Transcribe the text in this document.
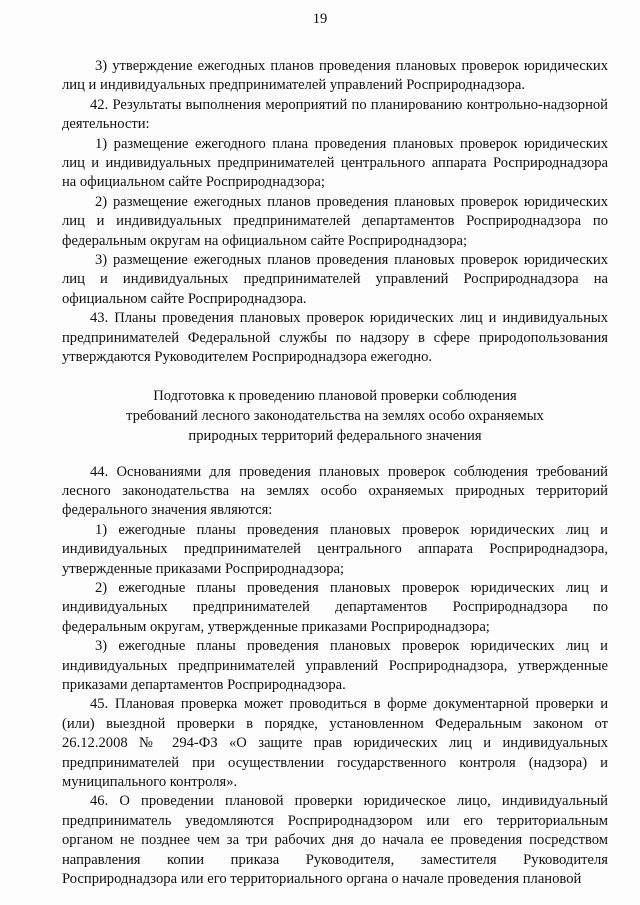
19

3) утверждение ежегодных планов проведения плановых проверок юридических лиц и индивидуальных предпринимателей управлений Росприроднадзора.

42. Результаты выполнения мероприятий по планированию контрольно-надзорной деятельности:

1) размещение ежегодного плана проведения плановых проверок юридических лиц и индивидуальных предпринимателей центрального аппарата Росприроднадзора на официальном сайте Росприроднадзора;

2) размещение ежегодных планов проведения плановых проверок юридических лиц и индивидуальных предпринимателей департаментов Росприроднадзора по федеральным округам на официальном сайте Росприроднадзора;

3) размещение ежегодных планов проведения плановых проверок юридических лиц и индивидуальных предпринимателей управлений Росприроднадзора на официальном сайте Росприроднадзора.

43. Планы проведения плановых проверок юридических лиц и индивидуальных предпринимателей Федеральной службы по надзору в сфере природопользования утверждаются Руководителем Росприроднадзора ежегодно.

Подготовка к проведению плановой проверки соблюдения
требований лесного законодательства на землях особо охраняемых
природных территорий федерального значения

44. Основаниями для проведения плановых проверок соблюдения требований лесного законодательства на землях особо охраняемых природных территорий федерального значения являются:

1) ежегодные планы проведения плановых проверок юридических лиц и индивидуальных предпринимателей центрального аппарата Росприроднадзора, утвержденные приказами Росприроднадзора;

2) ежегодные планы проведения плановых проверок юридических лиц и индивидуальных предпринимателей департаментов Росприроднадзора по федеральным округам, утвержденные приказами Росприроднадзора;

3) ежегодные планы проведения плановых проверок юридических лиц и индивидуальных предпринимателей управлений Росприроднадзора, утвержденные приказами департаментов Росприроднадзора.

45. Плановая проверка может проводиться в форме документарной проверки и (или) выездной проверки в порядке, установленном Федеральным законом от 26.12.2008 № 294-ФЗ «О защите прав юридических лиц и индивидуальных предпринимателей при осуществлении государственного контроля (надзора) и муниципального контроля».

46. О проведении плановой проверки юридическое лицо, индивидуальный предприниматель уведомляются Росприроднадзором или его территориальным органом не позднее чем за три рабочих дня до начала ее проведения посредством направления копии приказа Руководителя, заместителя Руководителя Росприроднадзора или его территориального органа о начале проведения плановой
